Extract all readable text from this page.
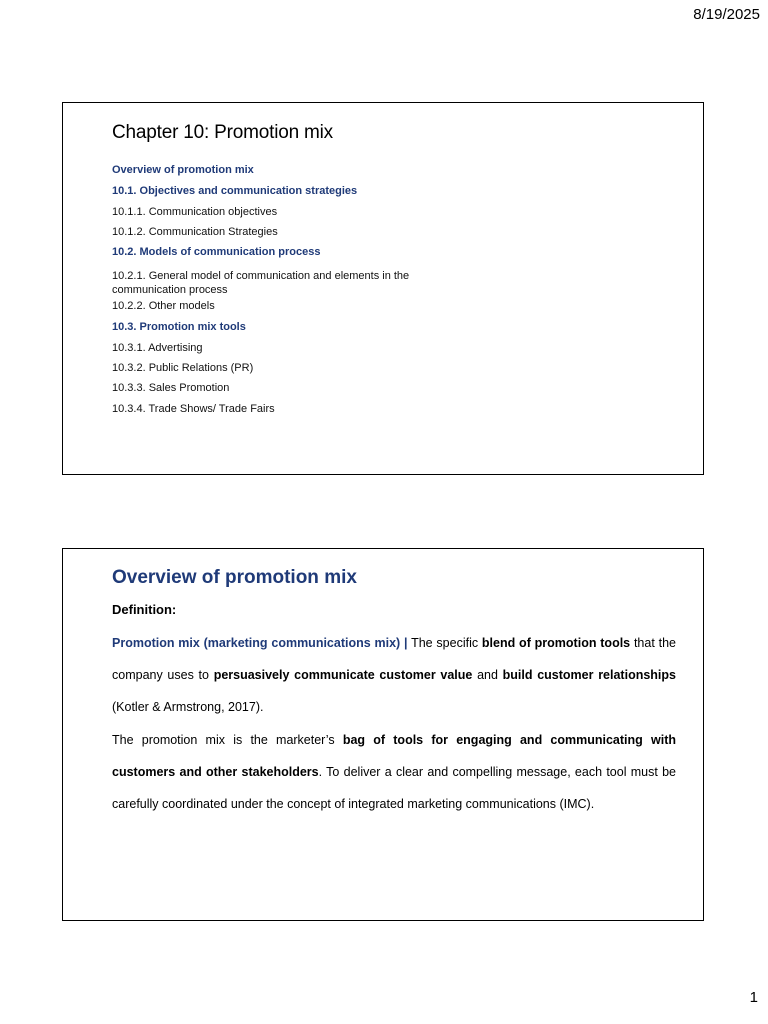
8/19/2025
Chapter 10: Promotion mix
Overview of promotion mix
10.1. Objectives and communication strategies
10.1.1. Communication objectives
10.1.2. Communication Strategies
10.2. Models of communication process
10.2.1. General model of communication and elements in the communication process
10.2.2. Other models
10.3. Promotion mix tools
10.3.1. Advertising
10.3.2. Public Relations (PR)
10.3.3. Sales Promotion
10.3.4. Trade Shows/ Trade Fairs
Overview of promotion mix
Definition:

Promotion mix (marketing communications mix) | The specific blend of promotion tools that the company uses to persuasively communicate customer value and build customer relationships (Kotler & Armstrong, 2017).

The promotion mix is the marketer’s bag of tools for engaging and communicating with customers and other stakeholders. To deliver a clear and compelling message, each tool must be carefully coordinated under the concept of integrated marketing communications (IMC).

1
